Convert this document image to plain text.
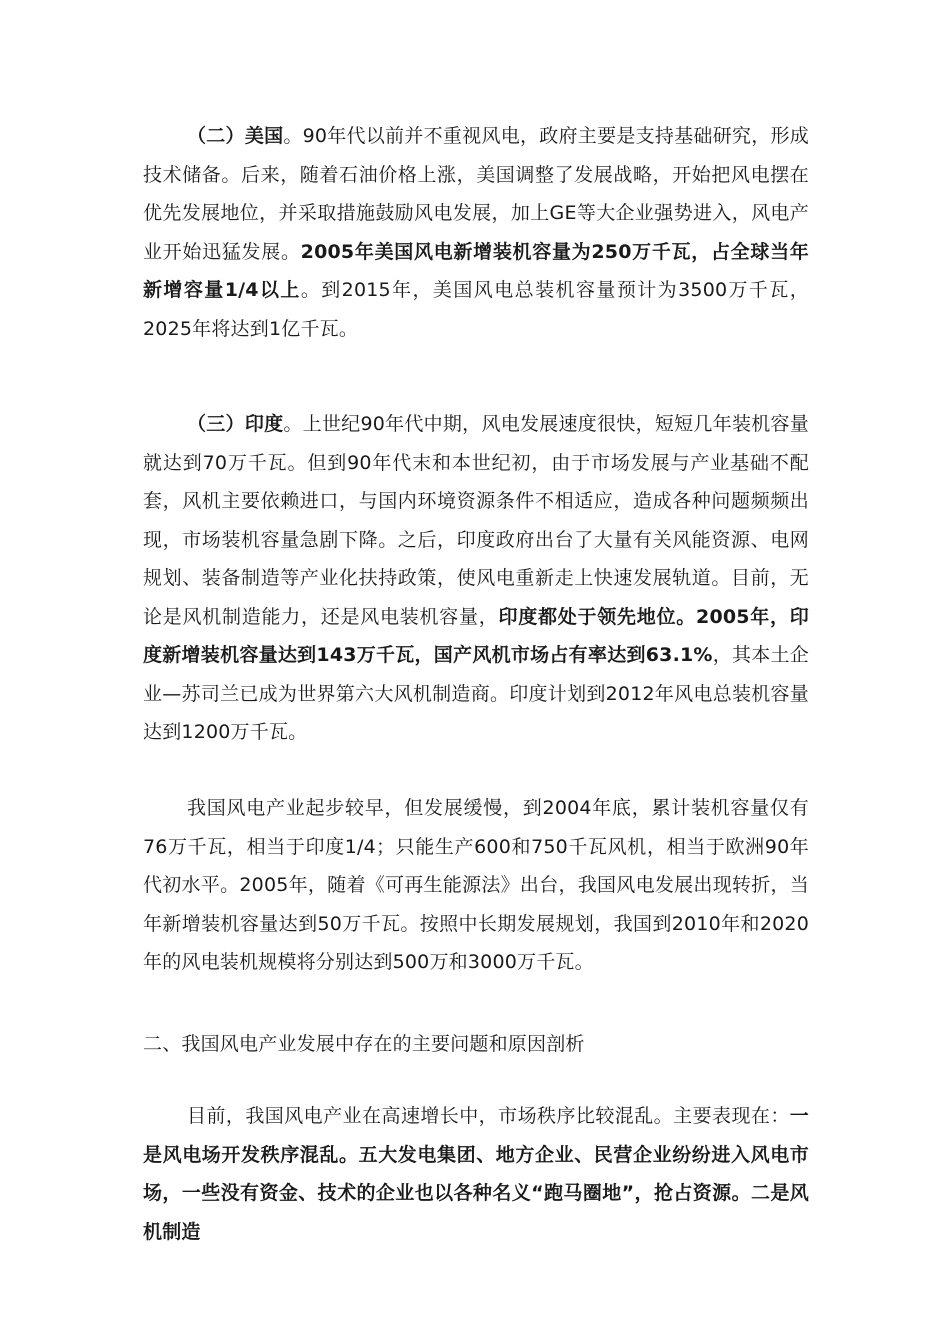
（二）美国。90年代以前并不重视风电，政府主要是支持基础研究，形成技术储备。后来，随着石油价格上涨，美国调整了发展战略，开始把风电摆在优先发展地位，并采取措施鼓励风电发展，加上GE等大企业强势进入，风电产业开始迅猛发展。2005年美国风电新增装机容量为250万千瓦，占全球当年新增容量1/4以上。到2015年，美国风电总装机容量预计为3500万千瓦，2025年将达到1亿千瓦。

（三）印度。上世纪90年代中期，风电发展速度很快，短短几年装机容量就达到70万千瓦。但到90年代末和本世纪初，由于市场发展与产业基础不配套，风机主要依赖进口，与国内环境资源条件不相适应，造成各种问题频频出现，市场装机容量急剧下降。之后，印度政府出台了大量有关风能资源、电网规划、装备制造等产业化扶持政策，使风电重新走上快速发展轨道。目前，无论是风机制造能力，还是风电装机容量，印度都处于领先地位。2005年，印度新增装机容量达到143万千瓦，国产风机市场占有率达到63.1%，其本土企业—苏司兰已成为世界第六大风机制造商。印度计划到2012年风电总装机容量达到1200万千瓦。

我国风电产业起步较早，但发展缓慢，到2004年底，累计装机容量仅有76万千瓦，相当于印度1/4；只能生产600和750千瓦风机，相当于欧洲90年代初水平。2005年，随着《可再生能源法》出台，我国风电发展出现转折，当年新增装机容量达到50万千瓦。按照中长期发展规划，我国到2010年和2020年的风电装机规模将分别达到500万和3000万千瓦。

二、我国风电产业发展中存在的主要问题和原因剖析

目前，我国风电产业在高速增长中，市场秩序比较混乱。主要表现在：一是风电场开发秩序混乱。五大发电集团、地方企业、民营企业纷纷进入风电市场，一些没有资金、技术的企业也以各种名义“跑马圈地”，抢占资源。二是风机制造
